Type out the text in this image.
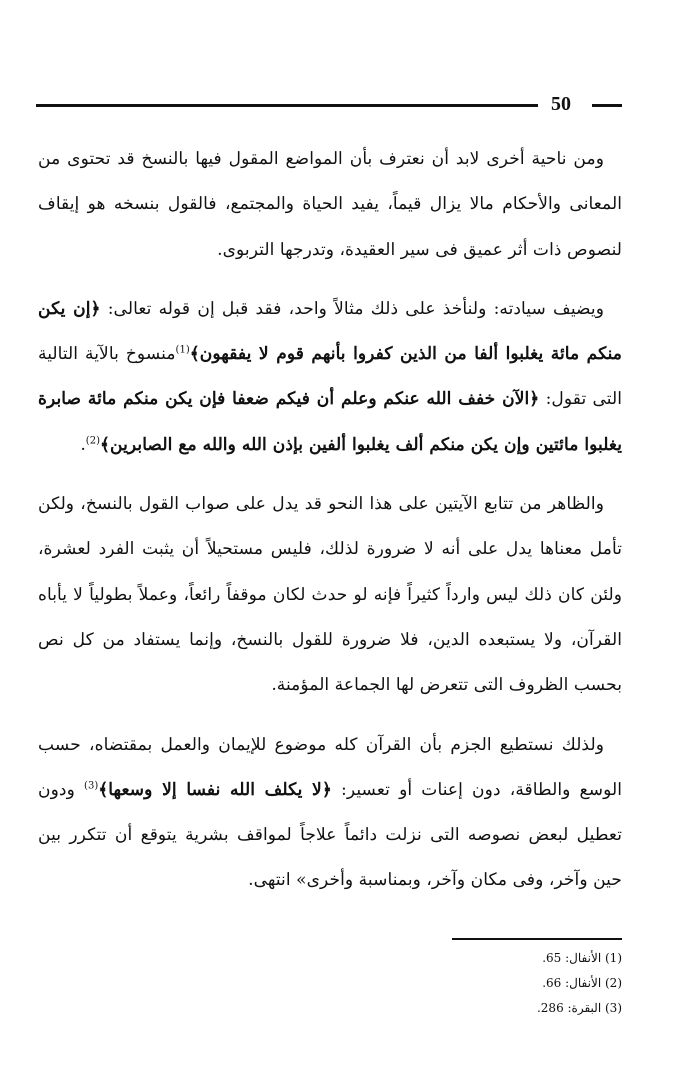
50

ومن ناحية أخرى لابد أن نعترف بأن المواضع المقول فيها بالنسخ قد تحتوى من المعانى والأحكام مالا يزال قيماً، يفيد الحياة والمجتمع، فالقول بنسخه هو إيقاف لنصوص ذات أثر عميق فى سير العقيدة، وتدرجها التربوى.

ويضيف سيادته: ولنأخذ على ذلك مثالاً واحد، فقد قبل إن قوله تعالى: ﴿إن يكن منكم مائة يغلبوا ألفا من الذين كفروا بأنهم قوم لا يفقهون﴾$^{(1)}$منسوخ بالآية التالية التى تقول: ﴿الآن خفف الله عنكم وعلم أن فيكم ضعفا فإن يكن منكم مائة صابرة يغلبوا مائتين وإن يكن منكم ألف يغلبوا ألفين بإذن الله والله مع الصابرين﴾$^{(2)}$.

والظاهر من تتابع الآيتين على هذا النحو قد يدل على صواب القول بالنسخ، ولكن تأمل معناها يدل على أنه لا ضرورة لذلك، فليس مستحيلاً أن يثبت الفرد لعشرة، ولئن كان ذلك ليس وارداً كثيراً فإنه لو حدث لكان موقفاً رائعاً، وعملاً بطولياً لا يأباه القرآن، ولا يستبعده الدين، فلا ضرورة للقول بالنسخ، وإنما يستفاد من كل نص بحسب الظروف التى تتعرض لها الجماعة المؤمنة.

ولذلك نستطيع الجزم بأن القرآن كله موضوع للإيمان والعمل بمقتضاه، حسب الوسع والطاقة، دون إعنات أو تعسير: ﴿لا يكلف الله نفسا إلا وسعها﴾$^{(3)}$ ودون تعطيل لبعض نصوصه التى نزلت دائماً علاجاً لمواقف بشرية يتوقع أن تتكرر بين حين وآخر، وفى مكان وآخر، وبمناسبة وأخرى» انتهى.

(1) الأنفال: 65.
(2) الأنفال: 66.
(3) البقرة: 286.
